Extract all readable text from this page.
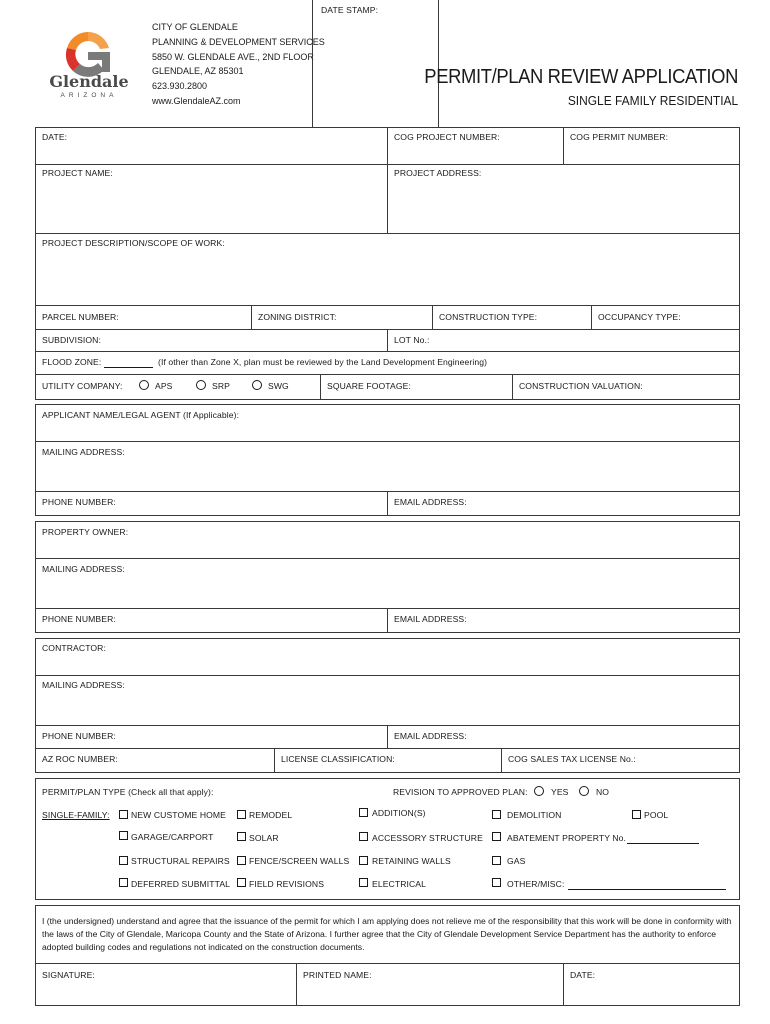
Glendale
ARIZONA
CITY OF GLENDALE
PLANNING & DEVELOPMENT SERVICES
5850 W. GLENDALE AVE., 2ND FLOOR
GLENDALE, AZ 85301
623.930.2800
www.GlendaleAZ.com
DATE STAMP:
PERMIT/PLAN REVIEW APPLICATION
SINGLE FAMILY RESIDENTIAL
DATE:	COG PROJECT NUMBER:	COG PERMIT NUMBER:
PROJECT NAME:	PROJECT ADDRESS:
PROJECT DESCRIPTION/SCOPE OF WORK:
PARCEL NUMBER:	ZONING DISTRICT:	CONSTRUCTION TYPE:	OCCUPANCY TYPE:
SUBDIVISION:	LOT No.:
FLOOD ZONE:	(If other than Zone X, plan must be reviewed by the Land Development Engineering)
UTILITY COMPANY:	APS	SRP	SWG	SQUARE FOOTAGE:	CONSTRUCTION VALUATION:
APPLICANT NAME/LEGAL AGENT (If Applicable):
MAILING ADDRESS:
PHONE NUMBER:	EMAIL ADDRESS:
PROPERTY OWNER:
MAILING ADDRESS:
PHONE NUMBER:	EMAIL ADDRESS:
CONTRACTOR:
MAILING ADDRESS:
PHONE NUMBER:	EMAIL ADDRESS:
AZ ROC NUMBER:	LICENSE CLASSIFICATION:	COG SALES TAX LICENSE No.:
PERMIT/PLAN TYPE (Check all that apply):	REVISION TO APPROVED PLAN:	YES	NO
SINGLE-FAMILY: NEW CUSTOME HOME	REMODEL	ADDITION(S)	DEMOLITION	POOL
GARAGE/CARPORT	SOLAR	ACCESSORY STRUCTURE	ABATEMENT PROPERTY No.
STRUCTURAL REPAIRS FENCE/SCREEN WALLS	RETAINING WALLS	GAS
DEFERRED SUBMITTAL FIELD REVISIONS	ELECTRICAL	OTHER/MISC:
I (the undersigned) understand and agree that the issuance of the permit for which I am applying does not relieve me of the responsibility that this work will be done in conformity with the laws of the City of Glendale, Maricopa County and the State of Arizona. I further agree that the City of Glendale Development Service Department has the authority to enforce adopted building codes and regulations not indicated on the construction documents.
SIGNATURE:	PRINTED NAME:	DATE:
